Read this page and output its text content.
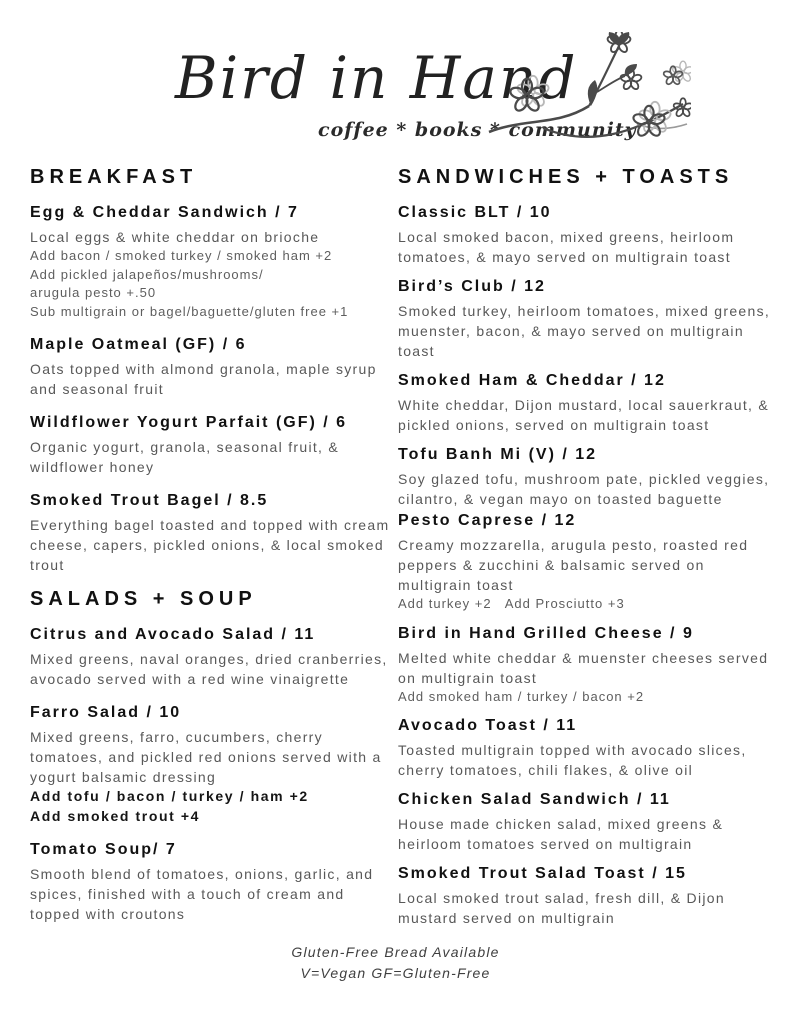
Bird in Hand
coffee * books * community
BREAKFAST
Egg & Cheddar Sandwich / 7
Local eggs & white cheddar on brioche
Add bacon / smoked turkey / smoked ham +2
Add pickled jalapeños/mushrooms/
arugula pesto +.50
Sub multigrain or bagel/baguette/gluten free +1
Maple Oatmeal (GF) / 6
Oats topped with almond granola, maple syrup and seasonal fruit
Wildflower Yogurt Parfait (GF) / 6
Organic yogurt, granola, seasonal fruit, & wildflower honey
Smoked Trout Bagel / 8.5
Everything bagel toasted and topped with cream cheese, capers, pickled onions, & local smoked trout
SALADS + SOUP
Citrus and Avocado Salad / 11
Mixed greens, naval oranges, dried cranberries, avocado served with a red wine vinaigrette
Farro Salad / 10
Mixed greens, farro, cucumbers, cherry tomatoes, and pickled red onions served with a yogurt balsamic dressing
Add tofu / bacon / turkey / ham +2
Add smoked trout +4
Tomato Soup/ 7
Smooth blend of tomatoes, onions, garlic, and spices, finished with a touch of cream and topped with croutons
SANDWICHES + TOASTS
Classic BLT / 10
Local smoked bacon, mixed greens, heirloom tomatoes, & mayo served on multigrain toast
Bird’s Club / 12
Smoked turkey, heirloom tomatoes, mixed greens, muenster, bacon, & mayo served on multigrain toast
Smoked Ham & Cheddar / 12
White cheddar, Dijon mustard, local sauerkraut, & pickled onions, served on multigrain toast
Tofu Banh Mi (V) / 12
Soy glazed tofu, mushroom pate, pickled veggies, cilantro, & vegan mayo on toasted baguette
Pesto Caprese / 12
Creamy mozzarella, arugula pesto, roasted red peppers & zucchini & balsamic served on multigrain toast
Add turkey +2   Add Prosciutto +3
Bird in Hand Grilled Cheese / 9
Melted white cheddar & muenster cheeses served on multigrain toast
Add smoked ham / turkey / bacon +2
Avocado Toast / 11
Toasted multigrain topped with avocado slices, cherry tomatoes, chili flakes, & olive oil
Chicken Salad Sandwich / 11
House made chicken salad, mixed greens & heirloom tomatoes served on multigrain
Smoked Trout Salad Toast / 15
Local smoked trout salad, fresh dill, & Dijon mustard served on multigrain
Gluten-Free Bread Available
V=Vegan GF=Gluten-Free
